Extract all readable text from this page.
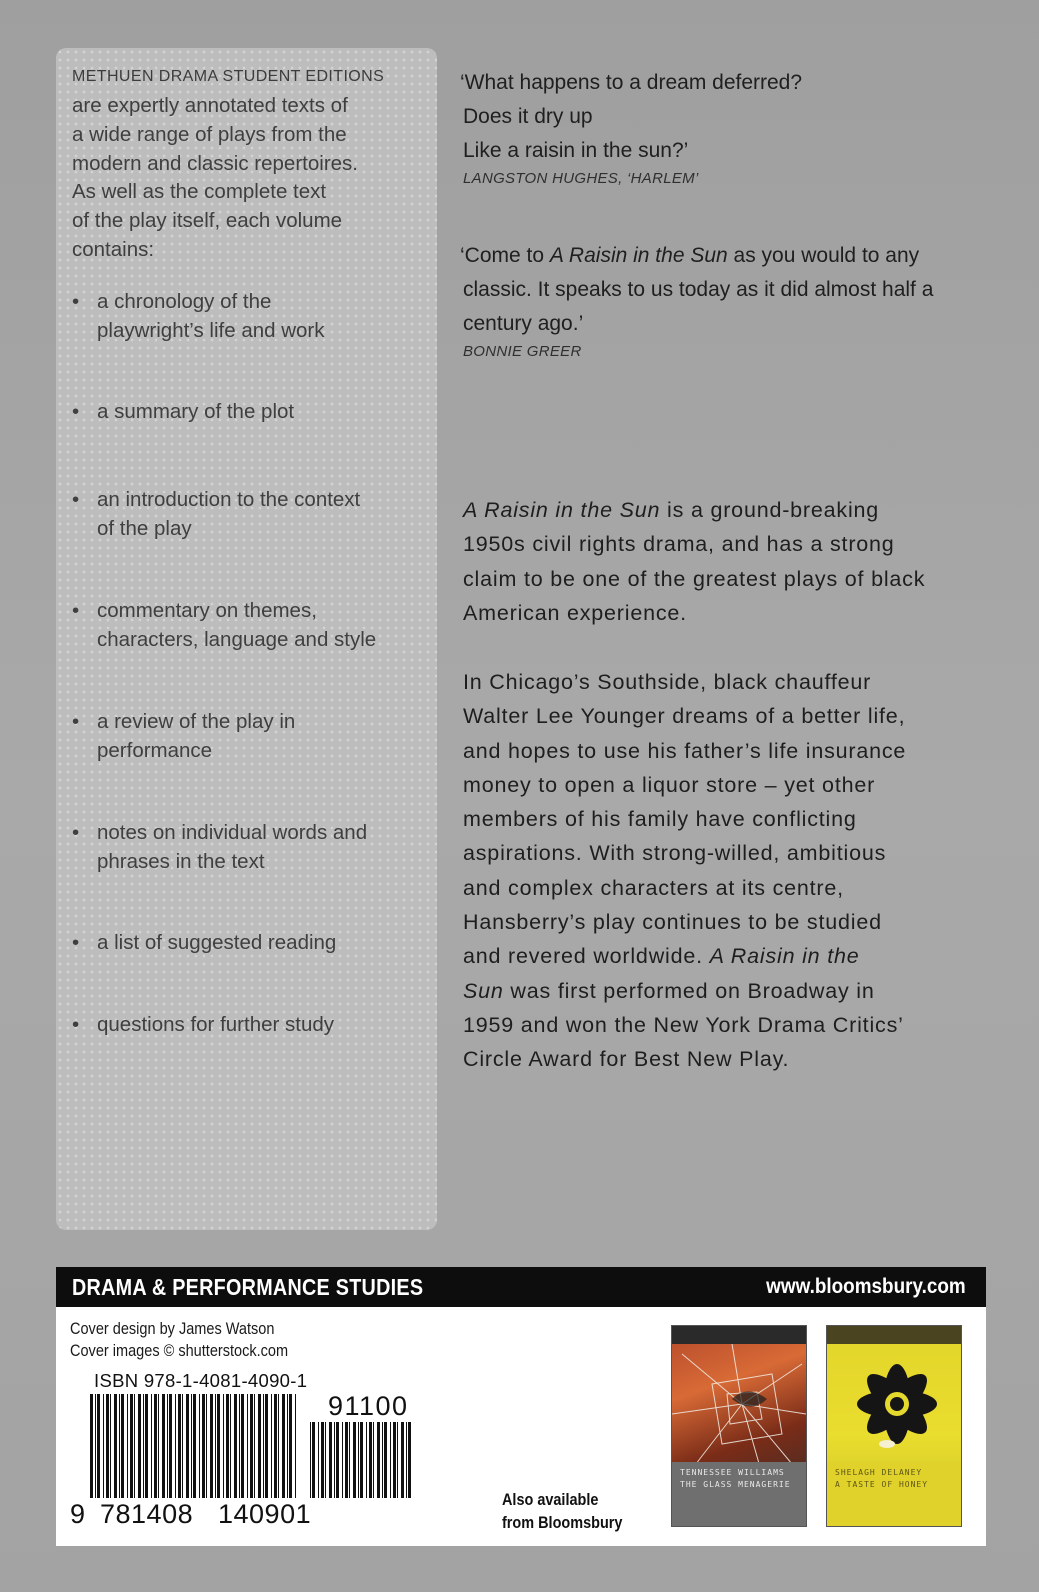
METHUEN DRAMA STUDENT EDITIONS
are expertly annotated texts of
a wide range of plays from the
modern and classic repertoires.
As well as the complete text
of the play itself, each volume
contains:
• a chronology of the
playwright’s life and work
• a summary of the plot
• an introduction to the context
of the play
• commentary on themes,
characters, language and style
• a review of the play in
performance
• notes on individual words and
phrases in the text
• a list of suggested reading
• questions for further study
‘What happens to a dream deferred?
Does it dry up
Like a raisin in the sun?’
LANGSTON HUGHES, ‘HARLEM’
‘Come to A Raisin in the Sun as you would to any
classic. It speaks to us today as it did almost half a
century ago.’
BONNIE GREER
A Raisin in the Sun is a ground-breaking
1950s civil rights drama, and has a strong
claim to be one of the greatest plays of black
American experience.
In Chicago’s Southside, black chauffeur
Walter Lee Younger dreams of a better life,
and hopes to use his father’s life insurance
money to open a liquor store – yet other
members of his family have conflicting
aspirations. With strong-willed, ambitious
and complex characters at its centre,
Hansberry’s play continues to be studied
and revered worldwide. A Raisin in the
Sun was first performed on Broadway in
1959 and won the New York Drama Critics’
Circle Award for Best New Play.
DRAMA & PERFORMANCE STUDIES	www.bloomsbury.com
Cover design by James Watson
Cover images © shutterstock.com
ISBN 978-1-4081-4090-1
9 781408 140901
91100
Also available
from Bloomsbury
TENNESSEE WILLIAMS
THE GLASS MENAGERIE
SHELAGH DELANEY
A TASTE OF HONEY
